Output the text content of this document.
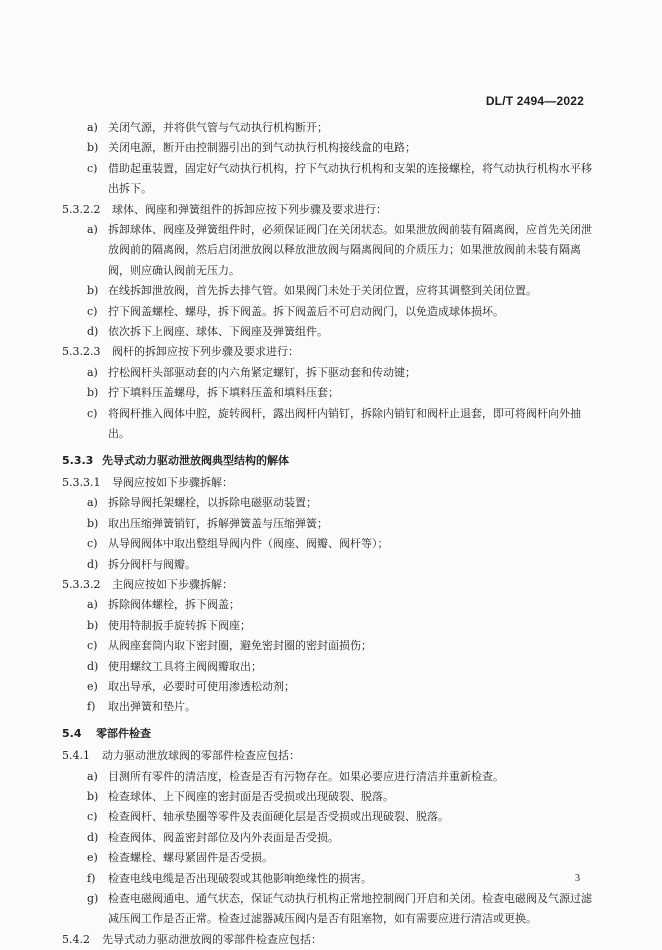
DL/T 2494—2022
a) 关闭气源，并将供气管与气动执行机构断开；
b) 关闭电源，断开由控制器引出的到气动执行机构接线盒的电路；
c) 借助起重装置，固定好气动执行机构，拧下气动执行机构和支架的连接螺栓，将气动执行机构水平移出拆下。
5.3.2.2 球体、阀座和弹簧组件的拆卸应按下列步骤及要求进行：
a) 拆卸球体、阀座及弹簧组件时，必须保证阀门在关闭状态。如果泄放阀前装有隔离阀，应首先关闭泄放阀前的隔离阀，然后启闭泄放阀以释放泄放阀与隔离阀间的介质压力；如果泄放阀前未装有隔离阀，则应确认阀前无压力。
b) 在线拆卸泄放阀，首先拆去排气管。如果阀门未处于关闭位置，应将其调整到关闭位置。
c) 拧下阀盖螺栓、螺母，拆下阀盖。拆下阀盖后不可启动阀门，以免造成球体损坏。
d) 依次拆下上阀座、球体、下阀座及弹簧组件。
5.3.2.3 阀杆的拆卸应按下列步骤及要求进行：
a) 拧松阀杆头部驱动套的内六角紧定螺钉，拆下驱动套和传动键；
b) 拧下填料压盖螺母，拆下填料压盖和填料压套；
c) 将阀杆推入阀体中腔，旋转阀杆，露出阀杆内销钉，拆除内销钉和阀杆止退套，即可将阀杆向外抽出。
5.3.3 先导式动力驱动泄放阀典型结构的解体
5.3.3.1 导阀应按如下步骤拆解：
a) 拆除导阀托架螺栓，以拆除电磁驱动装置；
b) 取出压缩弹簧销钉，拆解弹簧盖与压缩弹簧；
c) 从导阀阀体中取出整组导阀内件（阀座、阀瓣、阀杆等）；
d) 拆分阀杆与阀瓣。
5.3.3.2 主阀应按如下步骤拆解：
a) 拆除阀体螺栓，拆下阀盖；
b) 使用特制扳手旋转拆下阀座；
c) 从阀座套筒内取下密封圈，避免密封圈的密封面损伤；
d) 使用螺纹工具将主阀阀瓣取出；
e) 取出导承，必要时可使用渗透松动剂；
f)	取出弹簧和垫片。
5.4 零部件检查
5.4.1 动力驱动泄放球阀的零部件检查应包括：
a) 目测所有零件的清洁度，检查是否有污物存在。如果必要应进行清洁并重新检查。
b) 检查球体、上下阀座的密封面是否受损或出现破裂、脱落。
c) 检查阀杆、轴承垫圈等零件及表面硬化层是否受损或出现破裂、脱落。
d) 检查阀体、阀盖密封部位及内外表面是否受损。
e) 检查螺栓、螺母紧固件是否受损。
f)	检查电线电缆是否出现破裂或其他影响绝缘性的损害。
g) 检查电磁阀通电、通气状态，保证气动执行机构正常地控制阀门开启和关闭。检查电磁阀及气源过滤减压阀工作是否正常。检查过滤器减压阀内是否有阻塞物，如有需要应进行清洁或更换。
5.4.2 先导式动力驱动泄放阀的零部件检查应包括：
3
